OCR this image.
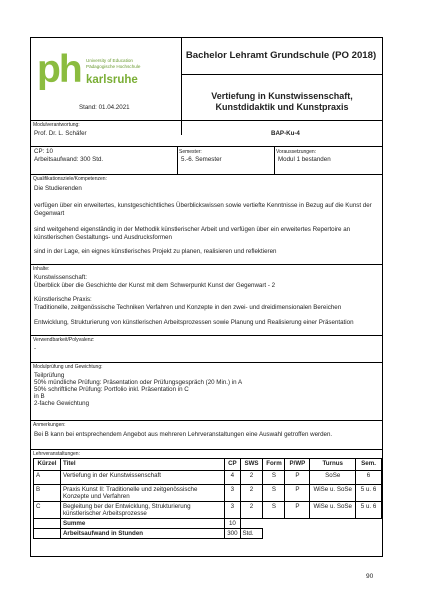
ph University of Education
Pädagogische Hochschule
karlsruhe
Stand: 01.04.2021
Bachelor Lehramt Grundschule (PO 2018)
Vertiefung in Kunstwissenschaft,
Kunstdidaktik und Kunstpraxis
Modulverantwortung:
Prof. Dr. L. Schäfer	BAP-Ku-4
CP: 10
Arbeitsaufwand: 300 Std.
Semester:
5.-6. Semester
Voraussetzungen:
Modul 1 bestanden
Qualifikationsziele/Kompetenzen:
Die Studierenden
verfügen über ein erweitertes, kunstgeschichtliches Überblickswissen sowie vertiefte Kenntnisse in Bezug auf die Kunst der Gegenwart
sind weitgehend eigenständig in der Methodik künstlerischer Arbeit und verfügen über ein erweitertes Repertoire an künstlerischen Gestaltungs- und Ausdrucksformen
sind in der Lage, ein eignes künstlerisches Projekt zu planen, realisieren und reflektieren
Inhalte:
Kunstwissenschaft:
Überblick über die Geschichte der Kunst mit dem Schwerpunkt Kunst der Gegenwart - 2
Künstlerische Praxis:
Traditionelle, zeitgenössische Techniken Verfahren und Konzepte in den zwei- und dreidimensionalen Bereichen
Entwicklung, Strukturierung von künstlerischen Arbeitsprozessen sowie Planung und Realisierung einer Präsentation
Verwendbarkeit/Polyvalenz:
-
Modulprüfung und Gewichtung:
Teilprüfung
50% mündliche Prüfung: Präsentation oder Prüfungsgespräch (20 Min.) in A
50% schriftliche Prüfung: Portfolio inkl. Präsentation in C
in B
2-fache Gewichtung
Anmerkungen:
Bei B kann bei entsprechendem Angebot aus mehreren Lehrveranstaltungen eine Auswahl getroffen werden.
Lehrveranstaltungen:
Kürzel	Titel	CP	SWS	Form	P/WP	Turnus	Sem.
A	Vertiefung in der Kunstwissenschaft	4	2	S	P	SoSe	6
B	Praxis Kunst II: Traditionelle und zeitgenössische Konzepte und Verfahren	3	2	S	P	WiSe u. SoSe	5 u. 6
C	Begleitung ber der Entwicklung, Strukturierung künstlerischer Arbeitsprozesse	3	2	S	P	WiSe u. SoSe	5 u. 6
	Summe	10					
	Arbeitsaufwand in Stunden	300	Std.				
90
